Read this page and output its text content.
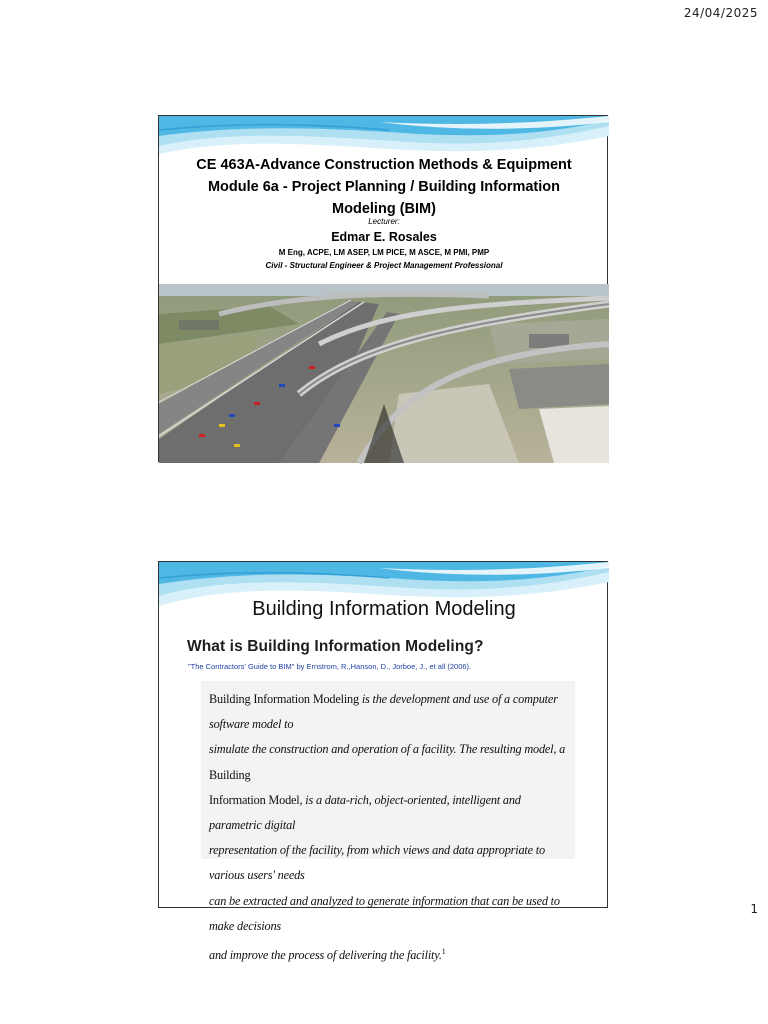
24/04/2025
CE 463A-Advance Construction Methods & Equipment
Module 6a - Project Planning / Building Information
Modeling (BIM)
Lecturer:
Edmar E. Rosales
M Eng, ACPE, LM ASEP, LM PICE, M ASCE, M PMI, PMP
Civil - Structural Engineer & Project Management Professional
Building Information Modeling
What is Building Information Modeling?
"The Contractors' Guide to BIM" by Ernstrom, R.,Hanson, D., Jorboe, J., et all (2006).
Building Information Modeling is the development and use of a computer software model to
simulate the construction and operation of a facility. The resulting model, a Building
Information Model, is a data-rich, object-oriented, intelligent and parametric digital
representation of the facility, from which views and data appropriate to various users' needs
can be extracted and analyzed to generate information that can be used to make decisions
and improve the process of delivering the facility.$^1$
1
